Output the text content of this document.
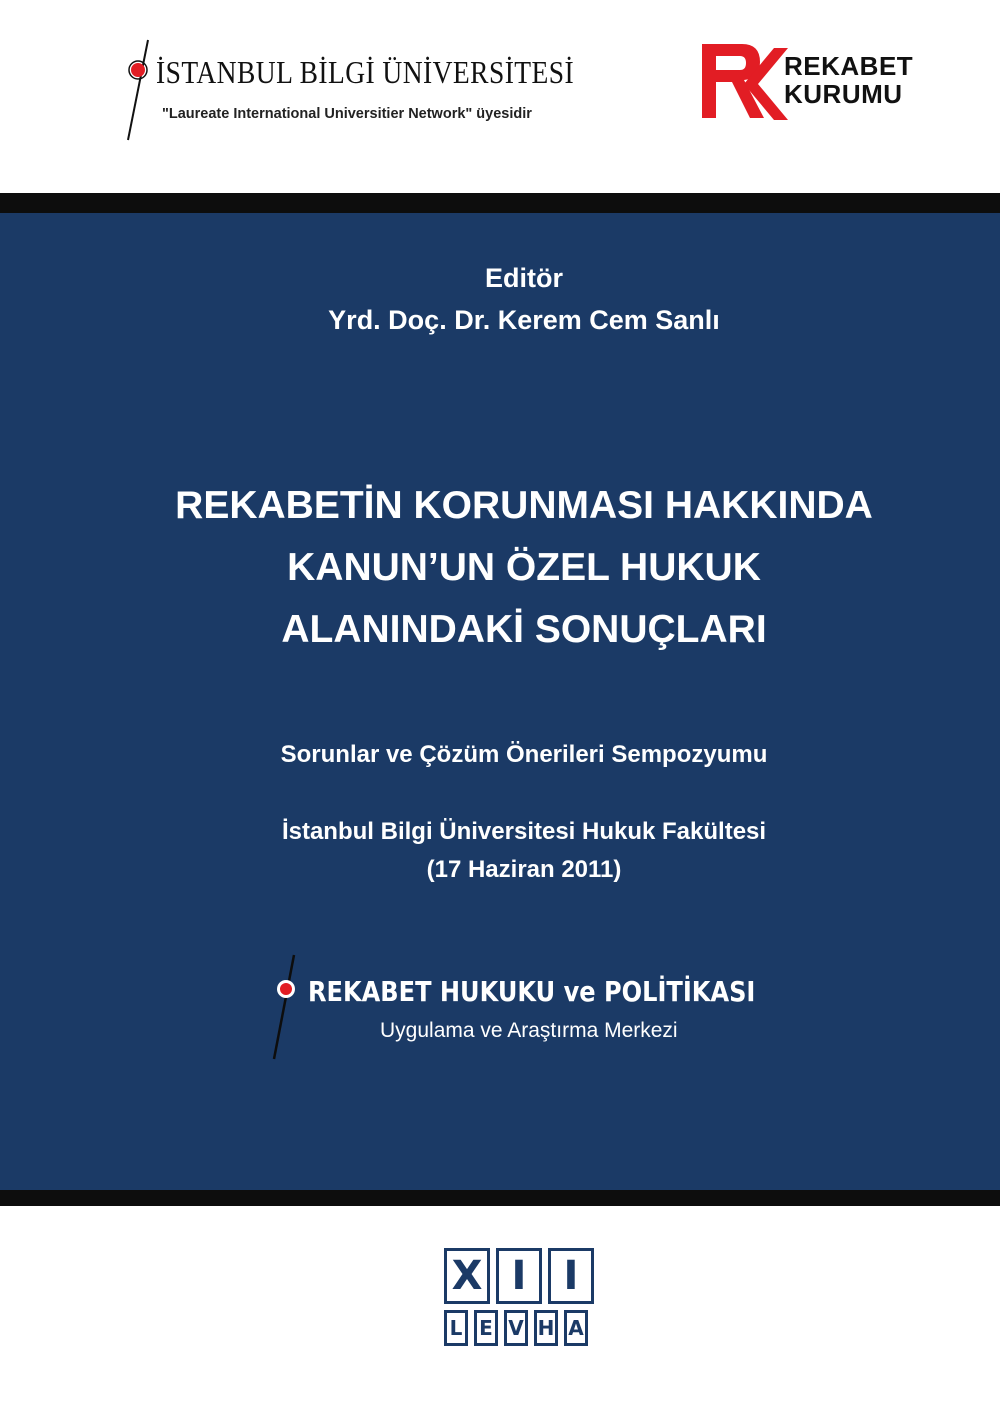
İSTANBUL BİLGİ ÜNİVERSİTESİ
"Laureate International Universitier Network" üyesidir
REKABET
KURUMU
Editör
Yrd. Doç. Dr. Kerem Cem Sanlı
REKABETİN KORUNMASI HAKKINDA
KANUN’UN ÖZEL HUKUK
ALANINDAKİ SONUÇLARI
Sorunlar ve Çözüm Önerileri Sempozyumu
İstanbul Bilgi Üniversitesi Hukuk Fakültesi
(17 Haziran 2011)
REKABET HUKUKU ve POLİTİKASI
Uygulama ve Araştırma Merkezi
X I I
L E V H A
